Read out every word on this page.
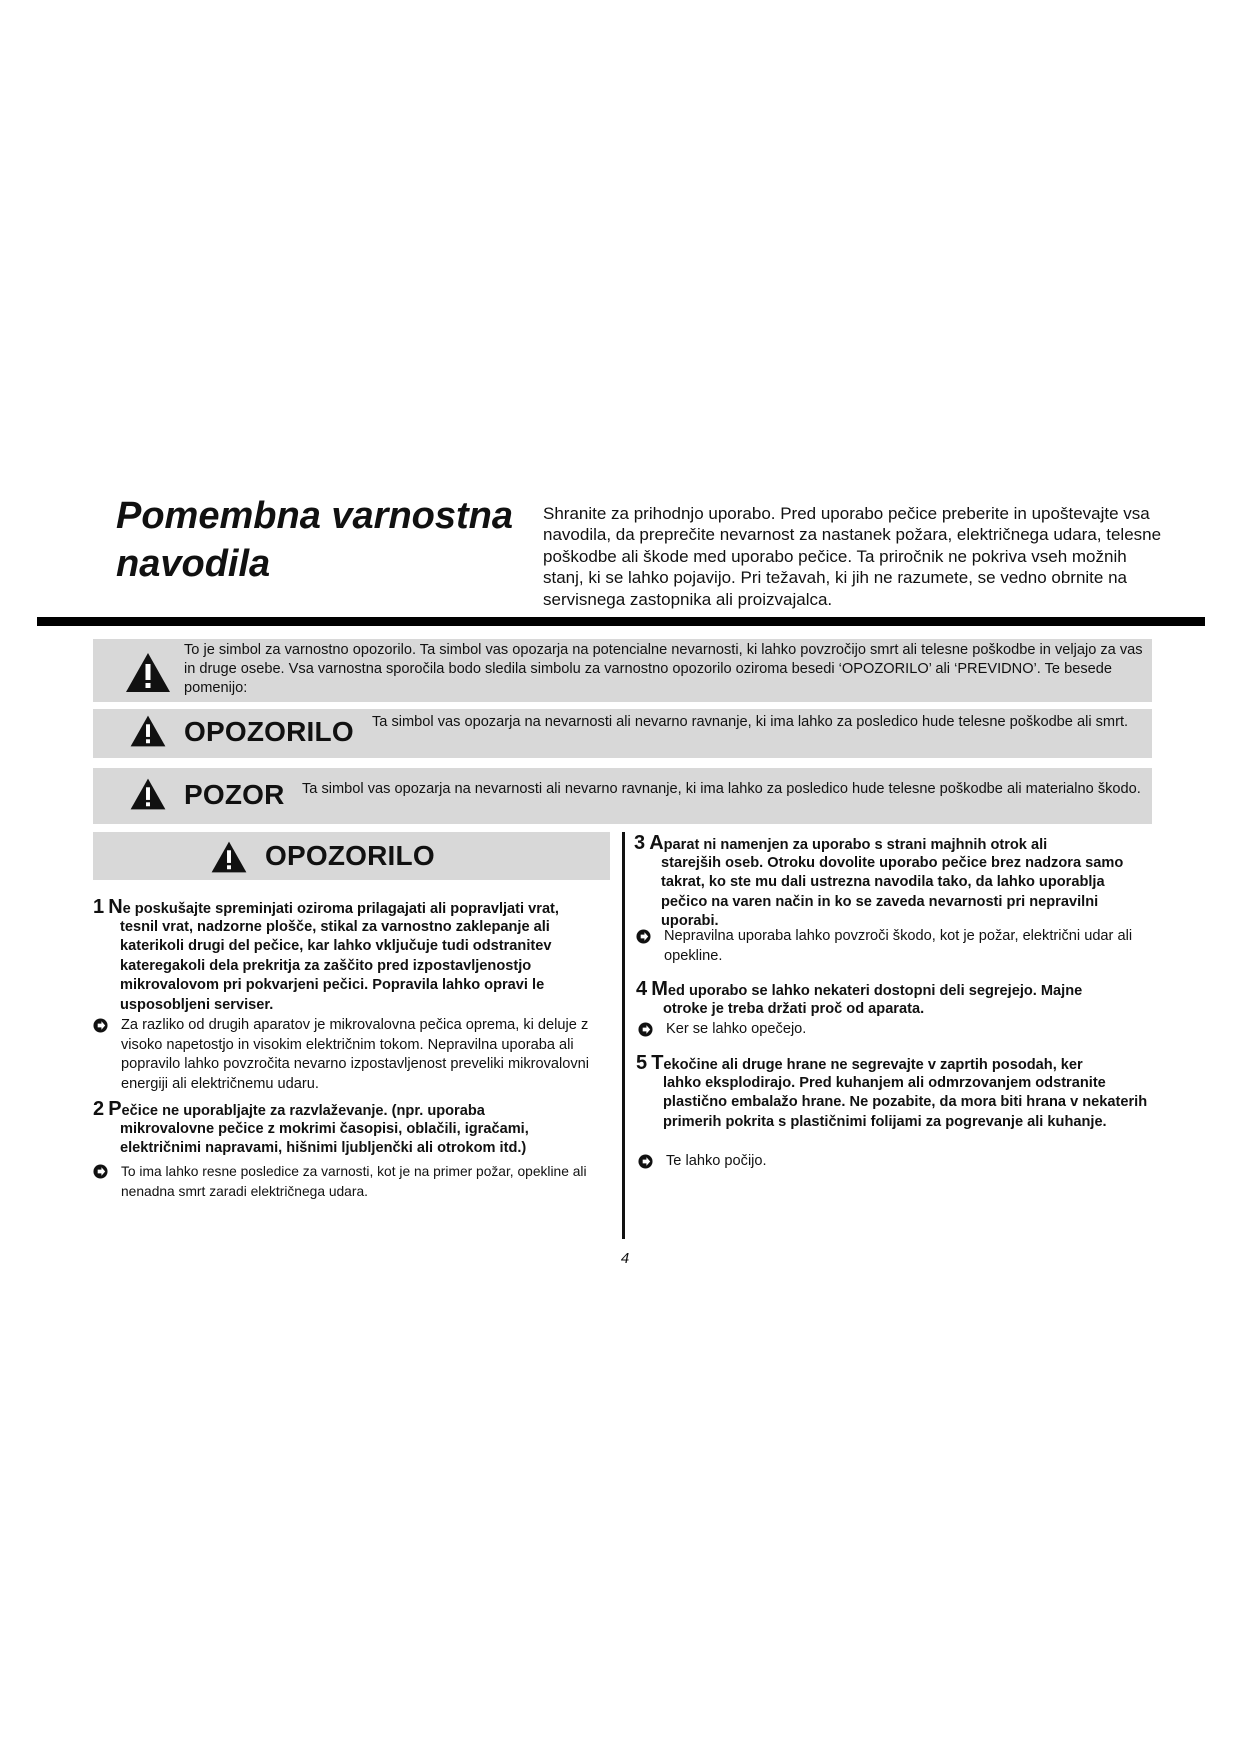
Pomembna varnostna navodila
Shranite za prihodnjo uporabo. Pred uporabo pečice preberite in upoštevajte vsa navodila, da preprečite nevarnost za nastanek požara, električnega udara, telesne poškodbe ali škode med uporabo pečice. Ta priročnik ne pokriva vseh možnih stanj, ki se lahko pojavijo. Pri težavah, ki jih ne razumete, se vedno obrnite na servisnega zastopnika ali proizvajalca.
To je simbol za varnostno opozorilo. Ta simbol vas opozarja na potencialne nevarnosti, ki lahko povzročijo smrt ali telesne poškodbe in veljajo za vas in druge osebe. Vsa varnostna sporočila bodo sledila simbolu za varnostno opozorilo oziroma besedi ‘OPOZORILO’ ali ‘PREVIDNO’. Te besede pomenijo:
OPOZORILO Ta simbol vas opozarja na nevarnosti ali nevarno ravnanje, ki ima lahko za posledico hude telesne poškodbe ali smrt.
POZOR Ta simbol vas opozarja na nevarnosti ali nevarno ravnanje, ki ima lahko za posledico hude telesne poškodbe ali materialno škodo.
OPOZORILO
1 Ne poskušajte spreminjati oziroma prilagajati ali popravljati vrat,
tesnil vrat, nadzorne plošče, stikal za varnostno zaklepanje ali katerikoli drugi del pečice, kar lahko vključuje tudi odstranitev kateregakoli dela prekritja za zaščito pred izpostavljenostjo mikrovalovom pri pokvarjeni pečici. Popravila lahko opravi le usposobljeni serviser.
Za razliko od drugih aparatov je mikrovalovna pečica oprema, ki deluje z visoko napetostjo in visokim električnim tokom. Nepravilna uporaba ali popravilo lahko povzročita nevarno izpostavljenost preveliki mikrovalovni energiji ali električnemu udaru.
2 Pečice ne uporabljajte za razvlaževanje. (npr. uporaba
mikrovalovne pečice z mokrimi časopisi, oblačili, igračami, električnimi napravami, hišnimi ljubljenčki ali otrokom itd.)
To ima lahko resne posledice za varnosti, kot je na primer požar, opekline ali nenadna smrt zaradi električnega udara.
3 Aparat ni namenjen za uporabo s strani majhnih otrok ali
starejših oseb. Otroku dovolite uporabo pečice brez nadzora samo takrat, ko ste mu dali ustrezna navodila tako, da lahko uporablja pečico na varen način in ko se zaveda nevarnosti pri nepravilni uporabi.
Nepravilna uporaba lahko povzroči škodo, kot je požar, električni udar ali opekline.
4 Med uporabo se lahko nekateri dostopni deli segrejejo. Majne
otroke je treba držati proč od aparata.
Ker se lahko opečejo.
5 Tekočine ali druge hrane ne segrevajte v zaprtih posodah, ker
lahko eksplodirajo. Pred kuhanjem ali odmrzovanjem odstranite plastično embalažo hrane. Ne pozabite, da mora biti hrana v nekaterih primerih pokrita s plastičnimi folijami za pogrevanje ali kuhanje.
Te lahko počijo.
4
